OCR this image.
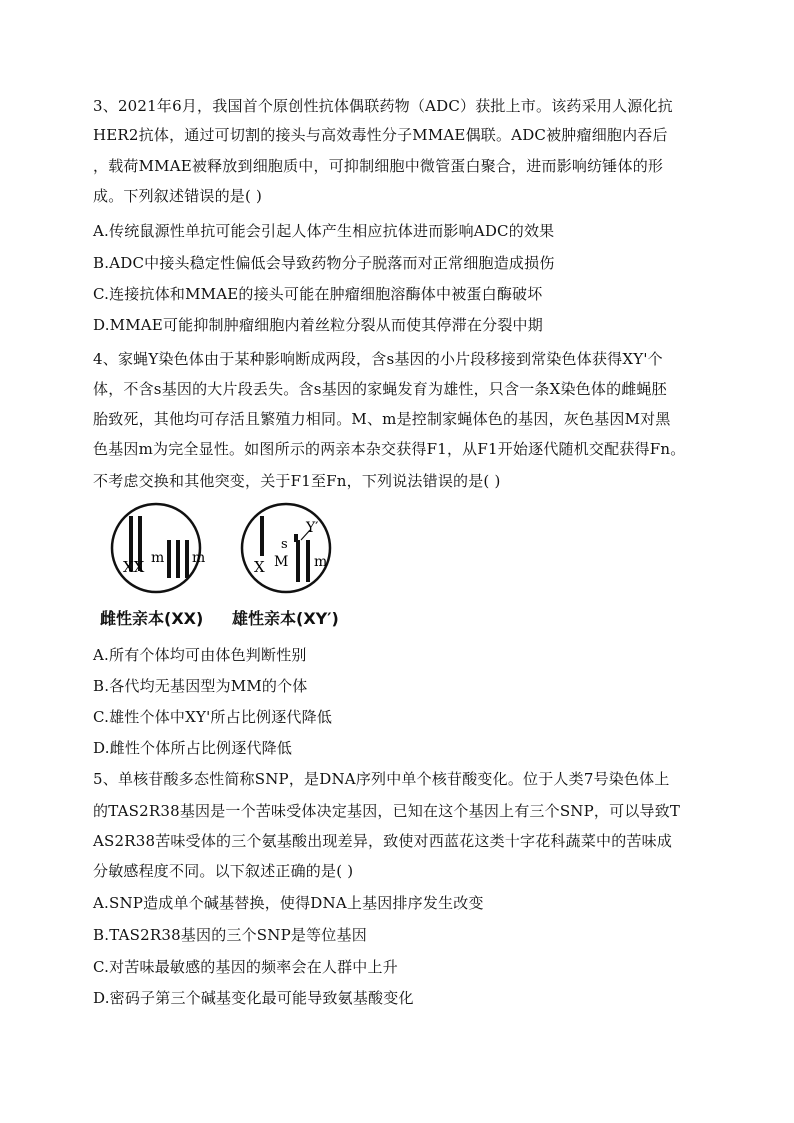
3、2021年6月，我国首个原创性抗体偶联药物（ADC）获批上市。该药采用人源化抗
HER2抗体，通过可切割的接头与高效毒性分子MMAE偶联。ADC被肿瘤细胞内吞后
，载荷MMAE被释放到细胞质中，可抑制细胞中微管蛋白聚合，进而影响纺锤体的形
成。下列叙述错误的是( )
A.传统鼠源性单抗可能会引起人体产生相应抗体进而影响ADC的效果
B.ADC中接头稳定性偏低会导致药物分子脱落而对正常细胞造成损伤
C.连接抗体和MMAE的接头可能在肿瘤细胞溶酶体中被蛋白酶破坏
D.MMAE可能抑制肿瘤细胞内着丝粒分裂从而使其停滞在分裂中期
4、家蝇Y染色体由于某种影响断成两段，含s基因的小片段移接到常染色体获得XY'个
体，不含s基因的大片段丢失。含s基因的家蝇发育为雄性，只含一条X染色体的雌蝇胚
胎致死，其他均可存活且繁殖力相同。M、m是控制家蝇体色的基因，灰色基因M对黑
色基因m为完全显性。如图所示的两亲本杂交获得F1，从F1开始逐代随机交配获得Fn。
不考虑交换和其他突变，关于F1至Fn，下列说法错误的是( )
XX m m	X
s
M
Y′
m
雌性亲本(XX) 雄性亲本(XY′)
A.所有个体均可由体色判断性别
B.各代均无基因型为MM的个体
C.雄性个体中XY'所占比例逐代降低
D.雌性个体所占比例逐代降低
5、单核苷酸多态性简称SNP，是DNA序列中单个核苷酸变化。位于人类7号染色体上
的TAS2R38基因是一个苦味受体决定基因，已知在这个基因上有三个SNP，可以导致T
AS2R38苦味受体的三个氨基酸出现差异，致使对西蓝花这类十字花科蔬菜中的苦味成
分敏感程度不同。以下叙述正确的是( )
A.SNP造成单个碱基替换，使得DNA上基因排序发生改变
B.TAS2R38基因的三个SNP是等位基因
C.对苦味最敏感的基因的频率会在人群中上升
D.密码子第三个碱基变化最可能导致氨基酸变化
